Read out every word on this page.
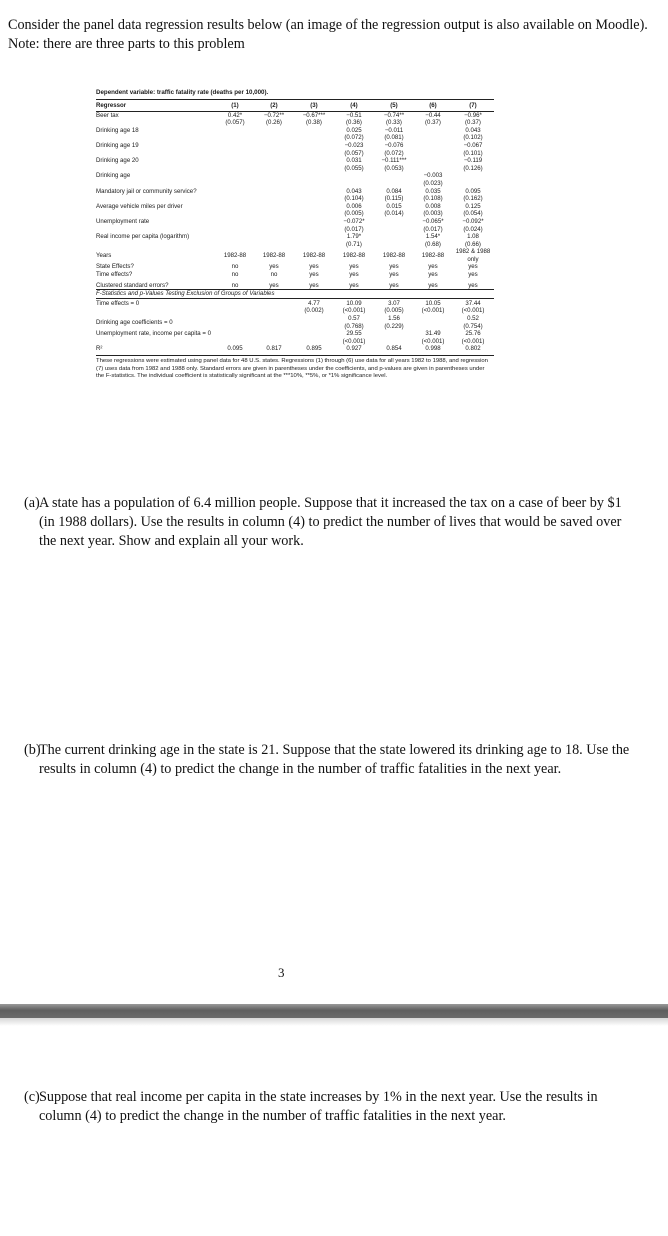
Consider the panel data regression results below (an image of the regression output is also available on Moodle). Note: there are three parts to this problem
Dependent variable: traffic fatality rate (deaths per 10,000).
Regressor	(1)	(2)	(3)	(4)	(5)	(6)	(7)
Beer tax	0.42*	−0.72**	−0.67***	−0.51	−0.74**	−0.44	−0.96*
	(0.057)	(0.26)	(0.38)	(0.36)	(0.33)	(0.37)	(0.37)
Drinking age 18				0.025	−0.011		0.043
				(0.072)	(0.081)		(0.102)
Drinking age 19				−0.023	−0.076		−0.067
				(0.057)	(0.072)		(0.101)
Drinking age 20				0.031	−0.111***		−0.119
				(0.055)	(0.053)		(0.126)
Drinking age						−0.003	
						(0.023)	
Mandatory jail or community service?				0.043	0.084	0.035	0.095
				(0.104)	(0.115)	(0.108)	(0.162)
Average vehicle miles per driver				0.006	0.015	0.008	0.125
				(0.005)	(0.014)	(0.003)	(0.054)
Unemployment rate				−0.072*		−0.065*	−0.092*
				(0.017)		(0.017)	(0.024)
Real income per capita (logarithm)				1.79*		1.54*	1.08
				(0.71)		(0.68)	(0.66)
Years	1982-88	1982-88	1982-88	1982-88	1982-88	1982-88	1982 & 1988 only
State Effects?	no	yes	yes	yes	yes	yes	yes
Time effects?	no	no	yes	yes	yes	yes	yes
Clustered standard errors?	no	yes	yes	yes	yes	yes	yes
F-Statistics and p-Values Testing Exclusion of Groups of Variables							
Time effects = 0			4.77	10.09	3.07	10.05	37.44
			(0.002)	(<0.001)	(0.005)	(<0.001)	(<0.001)
Drinking age coefficients = 0				0.57	1.56		0.52
				(0.768)	(0.229)		(0.754)
Unemployment rate, income per capita = 0				29.55		31.49	25.76
				(<0.001)		(<0.001)	(<0.001)
R̄²	0.095	0.817	0.895	0.927	0.854	0.998	0.802
These regressions were estimated using panel data for 48 U.S. states. Regressions (1) through (6) use data for all years 1982 to 1988, and regression (7) uses data from 1982 and 1988 only. Standard errors are given in parentheses under the coefficients, and p-values are given in parentheses under the F-statistics. The individual coefficient is statistically significant at the ***10%, **5%, or *1% significance level.
(a) A state has a population of 6.4 million people. Suppose that it increased the tax on a case of beer by $1 (in 1988 dollars). Use the results in column (4) to predict the number of lives that would be saved over the next year. Show and explain all your work.
(b)
The current drinking age in the state is 21. Suppose that the state lowered its drinking age to 18. Use the results in column (4) to predict the change in the number of traffic fatalities in the next year.
3
(c) Suppose that real income per capita in the state increases by 1% in the next year. Use the results in column (4) to predict the change in the number of traffic fatalities in the next year.
